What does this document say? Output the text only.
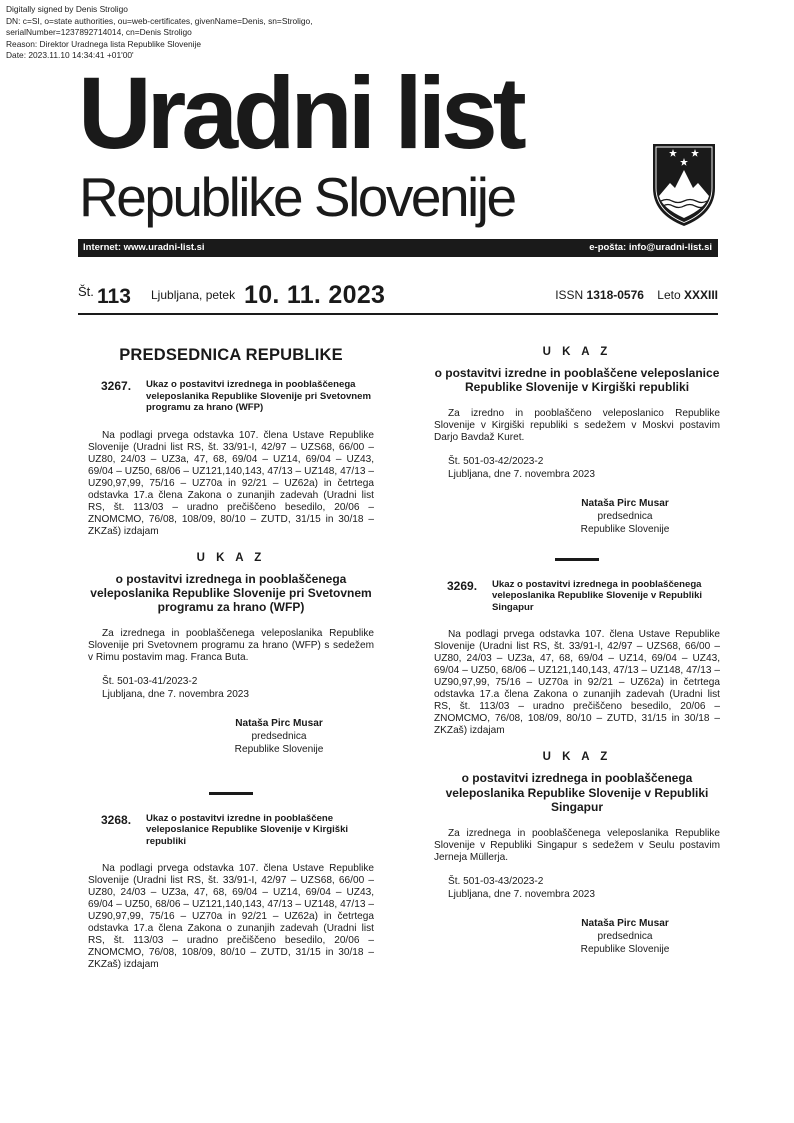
Digitally signed by Denis Stroligo
DN: c=SI, o=state authorities, ou=web-certificates, givenName=Denis, sn=Stroligo,
serialNumber=1237892714014, cn=Denis Stroligo
Reason: Direktor Uradnega lista Republike Slovenije
Date: 2023.11.10 14:34:41 +01'00'
Uradni list
Republike Slovenije
Internet: www.uradni-list.si	e-pošta: info@uradni-list.si
Št. 113 Ljubljana, petek 10. 11. 2023	ISSN 1318-0576 Leto XXXIII
PREDSEDNICA REPUBLIKE
3267. Ukaz o postavitvi izrednega in pooblaščenega veleposlanika Republike Slovenije pri Svetovnem programu za hrano (WFP)

Na podlagi prvega odstavka 107. člena Ustave Republike Slovenije (Uradni list RS, št. 33/91-I, 42/97 – UZS68, 66/00 – UZ80, 24/03 – UZ3a, 47, 68, 69/04 – UZ14, 69/04 – UZ43, 69/04 – UZ50, 68/06 – UZ121,140,143, 47/13 – UZ148, 47/13 – UZ90,97,99, 75/16 – UZ70a in 92/21 – UZ62a) in četrtega odstavka 17.a člena Zakona o zunanjih zadevah (Uradni list RS, št. 113/03 – uradno prečiščeno besedilo, 20/06 – ZNOMCMO, 76/08, 108/09, 80/10 – ZUTD, 31/15 in 30/18 – ZKZaš) izdajam

U K A Z
o postavitvi izrednega in pooblaščenega veleposlanika Republike Slovenije pri Svetovnem programu za hrano (WFP)

Za izrednega in pooblaščenega veleposlanika Republike Slovenije pri Svetovnem programu za hrano (WFP) s sedežem v Rimu postavim mag. Franca Buta.

Št. 501-03-41/2023-2
Ljubljana, dne 7. novembra 2023
Nataša Pirc Musar
predsednica
Republike Slovenije
3268. Ukaz o postavitvi izredne in pooblaščene veleposlanice Republike Slovenije v Kirgiški republiki

Na podlagi prvega odstavka 107. člena Ustave Republike Slovenije (Uradni list RS, št. 33/91-I, 42/97 – UZS68, 66/00 – UZ80, 24/03 – UZ3a, 47, 68, 69/04 – UZ14, 69/04 – UZ43, 69/04 – UZ50, 68/06 – UZ121,140,143, 47/13 – UZ148, 47/13 – UZ90,97,99, 75/16 – UZ70a in 92/21 – UZ62a) in četrtega odstavka 17.a člena Zakona o zunanjih zadevah (Uradni list RS, št. 113/03 – uradno prečiščeno besedilo, 20/06 – ZNOMCMO, 76/08, 108/09, 80/10 – ZUTD, 31/15 in 30/18 – ZKZaš) izdajam

U K A Z
o postavitvi izredne in pooblaščene veleposlanice Republike Slovenije v Kirgiški republiki

Za izredno in pooblaščeno veleposlanico Republike Slovenije v Kirgiški republiki s sedežem v Moskvi postavim Darjo Bavdaž Kuret.

Št. 501-03-42/2023-2
Ljubljana, dne 7. novembra 2023
Nataša Pirc Musar
predsednica
Republike Slovenije
3269. Ukaz o postavitvi izrednega in pooblaščenega veleposlanika Republike Slovenije v Republiki Singapur

Na podlagi prvega odstavka 107. člena Ustave Republike Slovenije (Uradni list RS, št. 33/91-I, 42/97 – UZS68, 66/00 – UZ80, 24/03 – UZ3a, 47, 68, 69/04 – UZ14, 69/04 – UZ43, 69/04 – UZ50, 68/06 – UZ121,140,143, 47/13 – UZ148, 47/13 – UZ90,97,99, 75/16 – UZ70a in 92/21 – UZ62a) in četrtega odstavka 17.a člena Zakona o zunanjih zadevah (Uradni list RS, št. 113/03 – uradno prečiščeno besedilo, 20/06 – ZNOMCMO, 76/08, 108/09, 80/10 – ZUTD, 31/15 in 30/18 – ZKZaš) izdajam

U K A Z
o postavitvi izrednega in pooblaščenega veleposlanika Republike Slovenije v Republiki Singapur

Za izrednega in pooblaščenega veleposlanika Republike Slovenije v Republiki Singapur s sedežem v Seulu postavim Jerneja Müllerja.

Št. 501-03-43/2023-2
Ljubljana, dne 7. novembra 2023
Nataša Pirc Musar
predsednica
Republike Slovenije
